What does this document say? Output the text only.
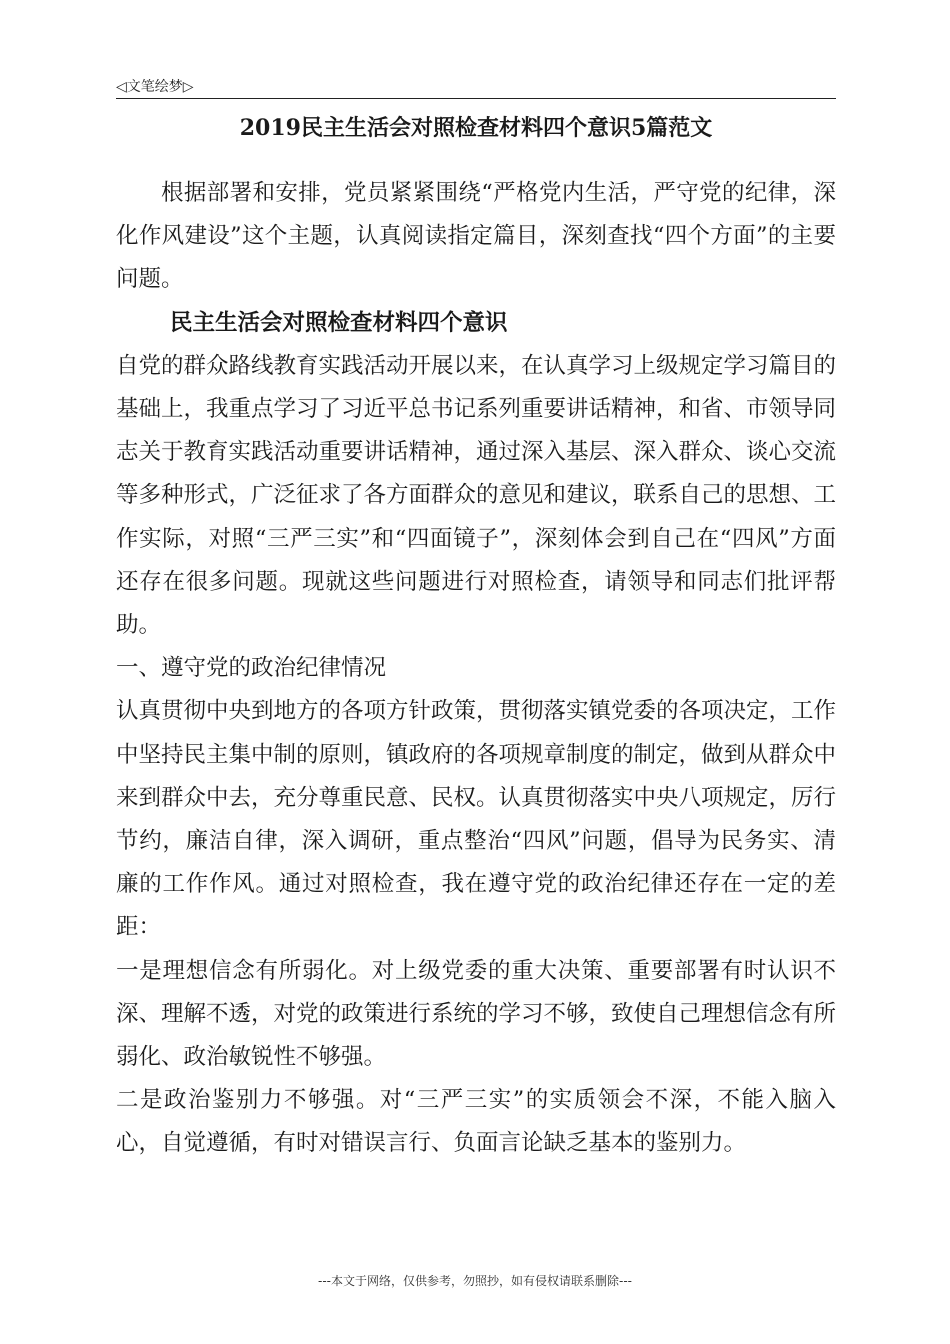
◁文笔绘梦▷
2019民主生活会对照检查材料四个意识5篇范文

根据部署和安排，党员紧紧围绕“严格党内生活，严守党的纪律，深化作风建设”这个主题，认真阅读指定篇目，深刻查找“四个方面”的主要问题。

民主生活会对照检查材料四个意识

自党的群众路线教育实践活动开展以来，在认真学习上级规定学习篇目的基础上，我重点学习了习近平总书记系列重要讲话精神，和省、市领导同志关于教育实践活动重要讲话精神，通过深入基层、深入群众、谈心交流等多种形式，广泛征求了各方面群众的意见和建议，联系自己的思想、工作实际，对照“三严三实”和“四面镜子”，深刻体会到自己在“四风”方面还存在很多问题。现就这些问题进行对照检查，请领导和同志们批评帮助。

一、遵守党的政治纪律情况

认真贯彻中央到地方的各项方针政策，贯彻落实镇党委的各项决定，工作中坚持民主集中制的原则，镇政府的各项规章制度的制定，做到从群众中来到群众中去，充分尊重民意、民权。认真贯彻落实中央八项规定，厉行节约，廉洁自律，深入调研，重点整治“四风”问题，倡导为民务实、清廉的工作作风。通过对照检查，我在遵守党的政治纪律还存在一定的差距：

一是理想信念有所弱化。对上级党委的重大决策、重要部署有时认识不深、理解不透，对党的政策进行系统的学习不够，致使自己理想信念有所弱化、政治敏锐性不够强。

二是政治鉴别力不够强。对“三严三实”的实质领会不深，不能入脑入心，自觉遵循，有时对错误言行、负面言论缺乏基本的鉴别力。

---本文于网络，仅供参考，勿照抄，如有侵权请联系删除---
